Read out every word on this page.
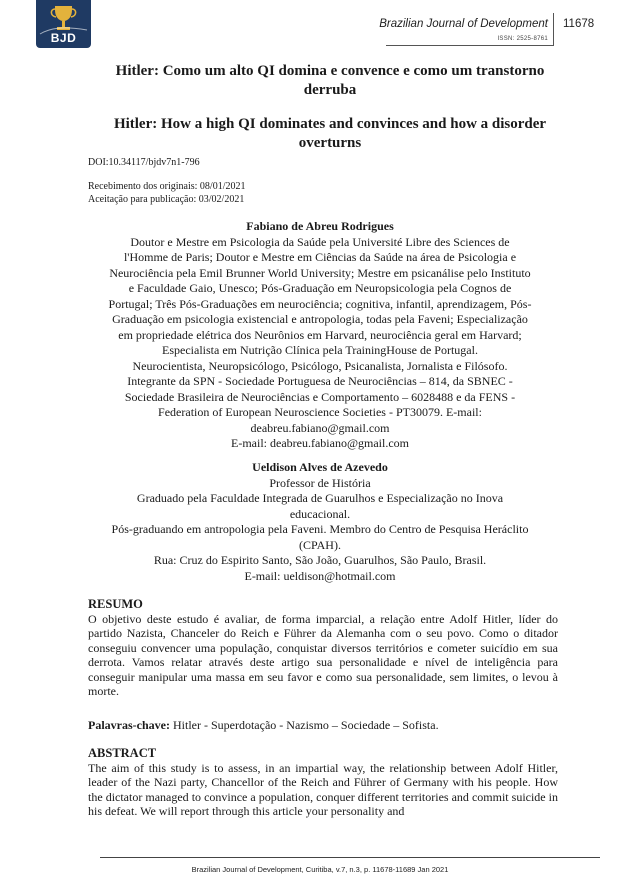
BJD
Brazilian Journal of Development
ISSN: 2525-8761
11678
Hitler: Como um alto QI domina e convence e como um transtorno
derruba
Hitler: How a high QI dominates and convinces and how a disorder
overturns
DOI:10.34117/bjdv7n1-796
Recebimento dos originais: 08/01/2021
Aceitação para publicação: 03/02/2021
Fabiano de Abreu Rodrigues
Doutor e Mestre em Psicologia da Saúde pela Université Libre des Sciences de
l'Homme de Paris; Doutor e Mestre em Ciências da Saúde na área de Psicologia e
Neurociência pela Emil Brunner World University; Mestre em psicanálise pelo Instituto
e Faculdade Gaio, Unesco; Pós-Graduação em Neuropsicologia pela Cognos de
Portugal; Três Pós-Graduações em neurociência; cognitiva, infantil, aprendizagem, Pós-
Graduação em psicologia existencial e antropologia, todas pela Faveni; Especialização
em propriedade elétrica dos Neurônios em Harvard, neurociência geral em Harvard;
Especialista em Nutrição Clínica pela TrainingHouse de Portugal.
Neurocientista, Neuropsicólogo, Psicólogo, Psicanalista, Jornalista e Filósofo.
Integrante da SPN - Sociedade Portuguesa de Neurociências – 814, da SBNEC -
Sociedade Brasileira de Neurociências e Comportamento – 6028488 e da FENS -
Federation of European Neuroscience Societies - PT30079. E-mail:
deabreu.fabiano@gmail.com
E-mail: deabreu.fabiano@gmail.com
Ueldison Alves de Azevedo
Professor de História
Graduado pela Faculdade Integrada de Guarulhos e Especialização no Inova
educacional.
Pós-graduando em antropologia pela Faveni. Membro do Centro de Pesquisa Heráclito
(CPAH).
Rua: Cruz do Espirito Santo, São João, Guarulhos, São Paulo, Brasil.
E-mail: ueldison@hotmail.com
RESUMO
O objetivo deste estudo é avaliar, de forma imparcial, a relação entre Adolf Hitler, líder do partido Nazista, Chanceler do Reich e Führer da Alemanha com o seu povo. Como o ditador conseguiu convencer uma população, conquistar diversos territórios e cometer suicídio em sua derrota. Vamos relatar através deste artigo sua personalidade e nível de inteligência para conseguir manipular uma massa em seu favor e como sua personalidade, sem limites, o levou à morte.
Palavras-chave: Hitler - Superdotação - Nazismo – Sociedade – Sofista.
ABSTRACT
The aim of this study is to assess, in an impartial way, the relationship between Adolf Hitler, leader of the Nazi party, Chancellor of the Reich and Führer of Germany with his people. How the dictator managed to convince a population, conquer different territories and commit suicide in his defeat. We will report through this article your personality and
Brazilian Journal of Development, Curitiba, v.7, n.3, p. 11678-11689 Jan 2021
